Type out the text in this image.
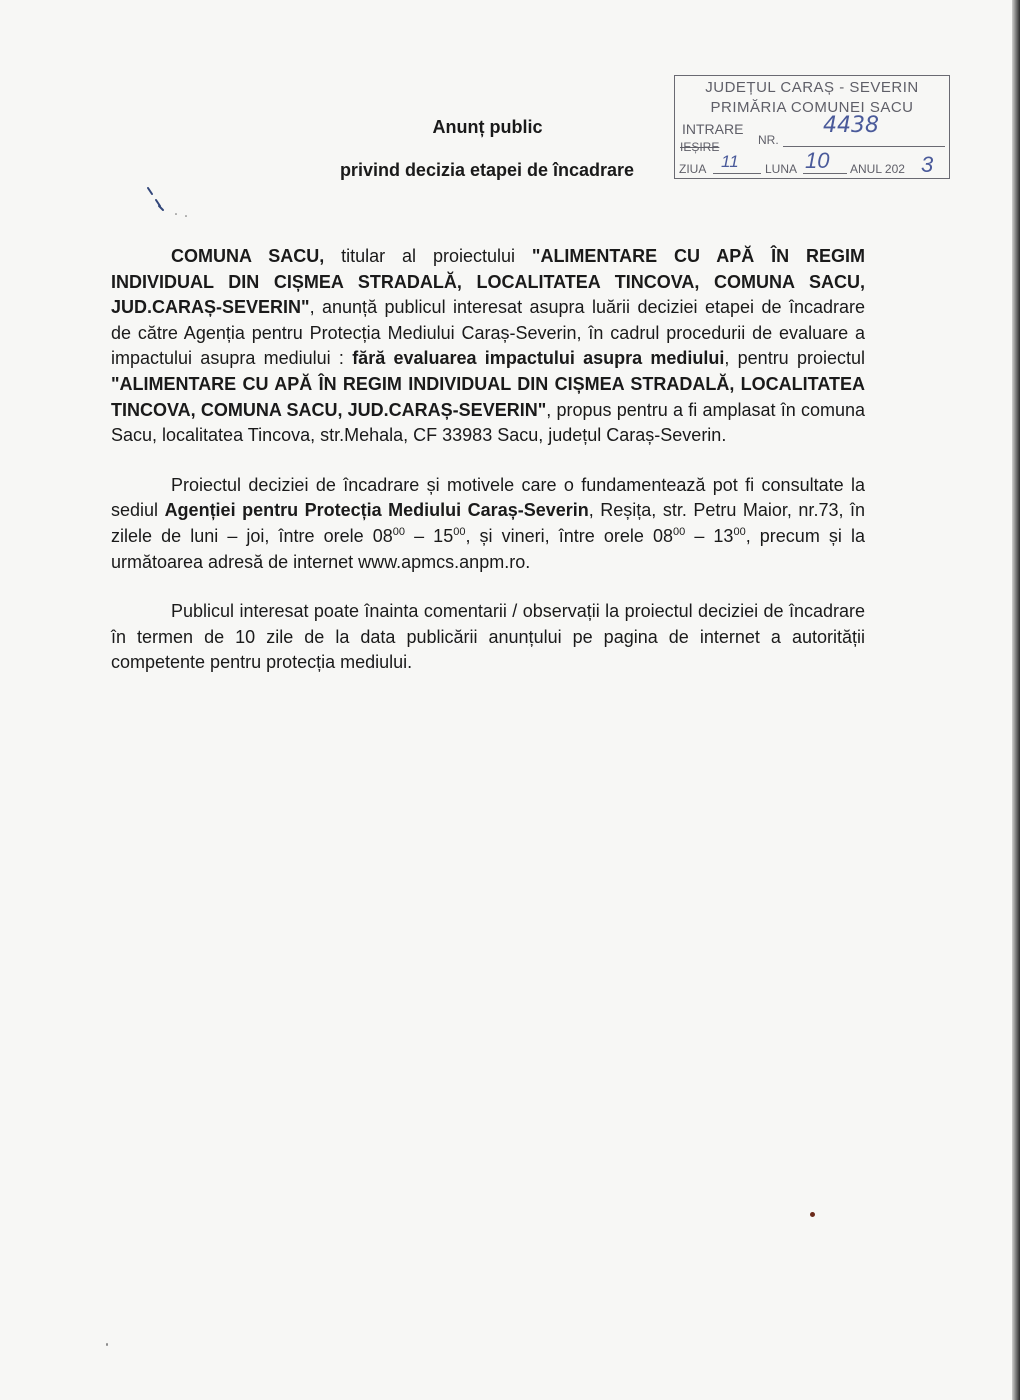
JUDEȚUL CARAȘ - SEVERIN
PRIMĂRIA COMUNEI SACU
INTRARE
IEȘIRE	NR.
4438
ZIUA 11 LUNA 10 ANUL 202 3
Anunț public
privind decizia etapei de încadrare

COMUNA SACU, titular al proiectului "ALIMENTARE CU APĂ ÎN REGIM INDIVIDUAL DIN CIȘMEA STRADALĂ, LOCALITATEA TINCOVA, COMUNA SACU, JUD.CARAȘ-SEVERIN", anunță publicul interesat asupra luării deciziei etapei de încadrare de către Agenția pentru Protecția Mediului Caraș-Severin, în cadrul procedurii de evaluare a impactului asupra mediului : fără evaluarea impactului asupra mediului, pentru proiectul "ALIMENTARE CU APĂ ÎN REGIM INDIVIDUAL DIN CIȘMEA STRADALĂ, LOCALITATEA TINCOVA, COMUNA SACU, JUD.CARAȘ-SEVERIN", propus pentru a fi amplasat în comuna Sacu, localitatea Tincova, str.Mehala, CF 33983 Sacu, județul Caraș-Severin.

Proiectul deciziei de încadrare și motivele care o fundamentează pot fi consultate la sediul Agenției pentru Protecția Mediului Caraș-Severin, Reșița, str. Petru Maior, nr.73, în zilele de luni – joi, între orele $08^{00} - 15^{00}$, și vineri, între orele $08^{00} - 13^{00}$, precum și la următoarea adresă de internet www.apmcs.anpm.ro.

Publicul interesat poate înainta comentarii / observații la proiectul deciziei de încadrare în termen de 10 zile de la data publicării anunțului pe pagina de internet a autorității competente pentru protecția mediului.
